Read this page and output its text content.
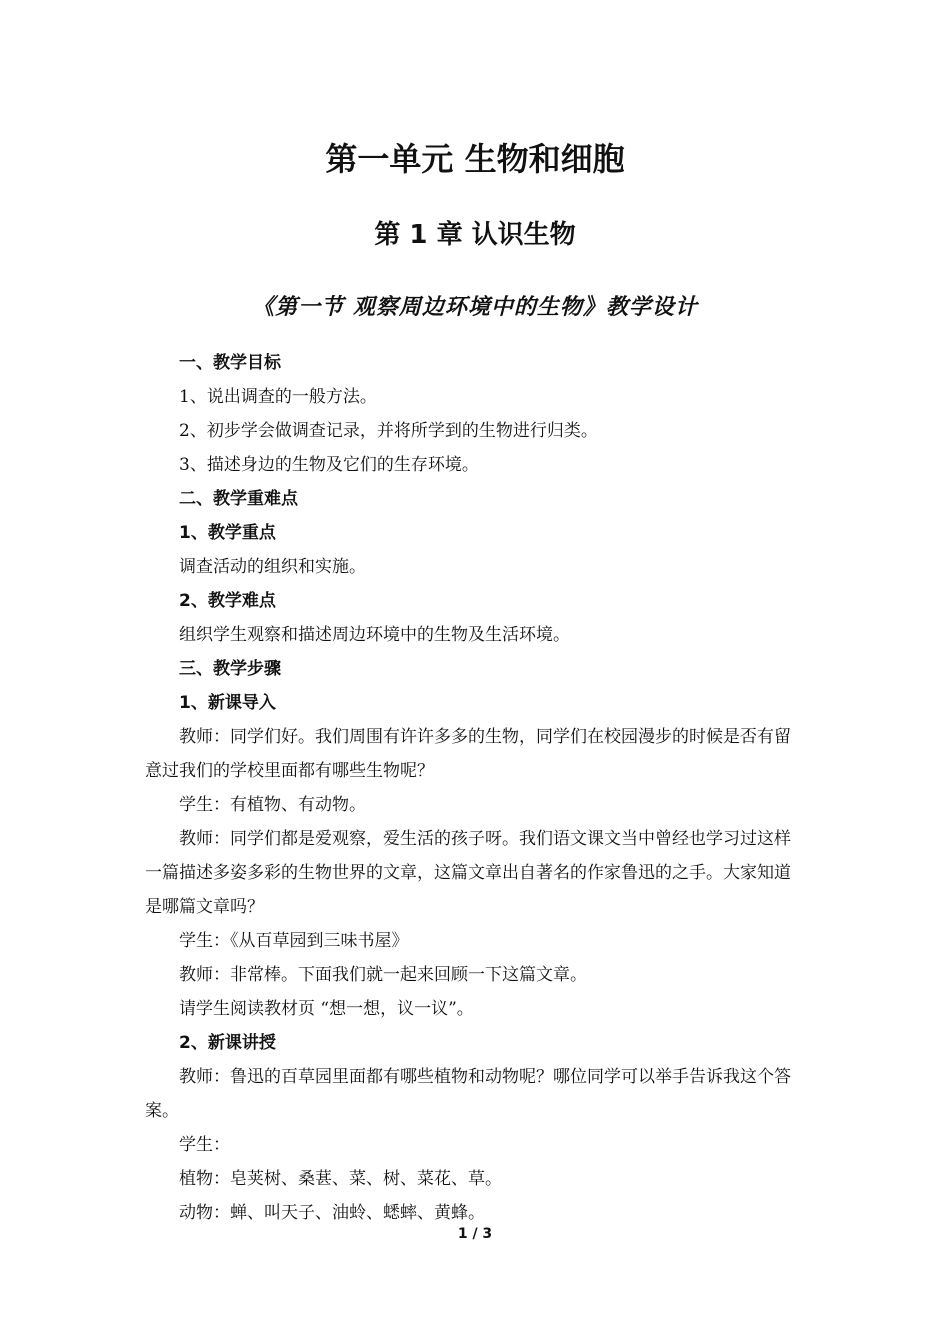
第一单元 生物和细胞
第 1 章 认识生物
《第一节 观察周边环境中的生物》教学设计

一、教学目标

1、说出调查的一般方法。

2、初步学会做调查记录，并将所学到的生物进行归类。

3、描述身边的生物及它们的生存环境。

二、教学重难点

1、教学重点

调查活动的组织和实施。

2、教学难点

组织学生观察和描述周边环境中的生物及生活环境。

三、教学步骤

1、新课导入

教师：同学们好。我们周围有许许多多的生物，同学们在校园漫步的时候是否有留意过我们的学校里面都有哪些生物呢？

学生：有植物、有动物。

教师：同学们都是爱观察，爱生活的孩子呀。我们语文课文当中曾经也学习过这样一篇描述多姿多彩的生物世界的文章，这篇文章出自著名的作家鲁迅的之手。大家知道是哪篇文章吗？

学生：《从百草园到三味书屋》

教师：非常棒。下面我们就一起来回顾一下这篇文章。

请学生阅读教材页 “想一想，议一议”。

2、新课讲授

教师：鲁迅的百草园里面都有哪些植物和动物呢？哪位同学可以举手告诉我这个答案。

学生：

植物：皂荚树、桑葚、菜、树、菜花、草。

动物：蝉、叫天子、油蛉、蟋蟀、黄蜂。

1 / 3
